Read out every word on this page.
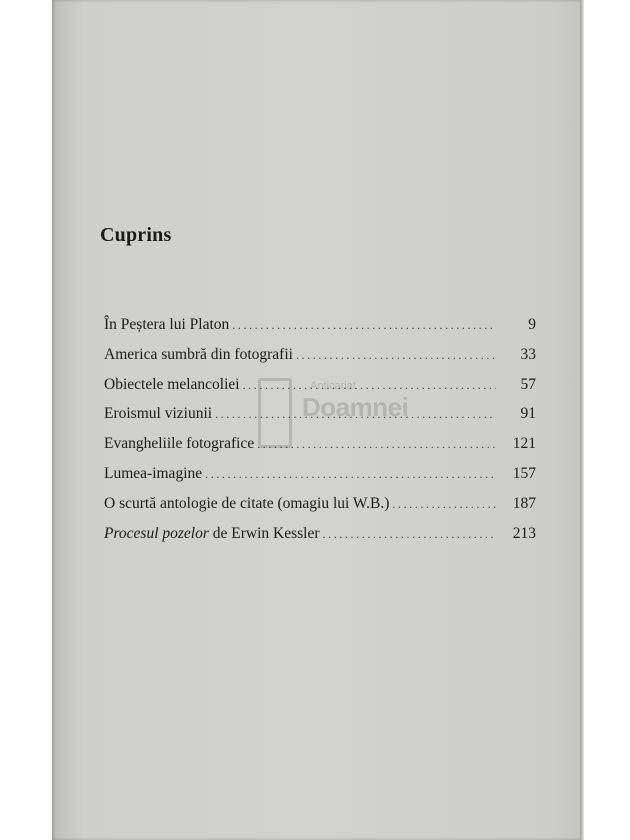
Cuprins
Anticariat
Doamnei
În Peștera lui Platon .....	9
America sumbră din fotografii .....	33
Obiectele melancoliei .....	57
Eroismul viziunii .....	91
Evangheliile fotografice .....	121
Lumea-imagine .....	157
O scurtă antologie de citate (omagiu lui W.B.) .....	187
Procesul pozelor de Erwin Kessler .....	213
